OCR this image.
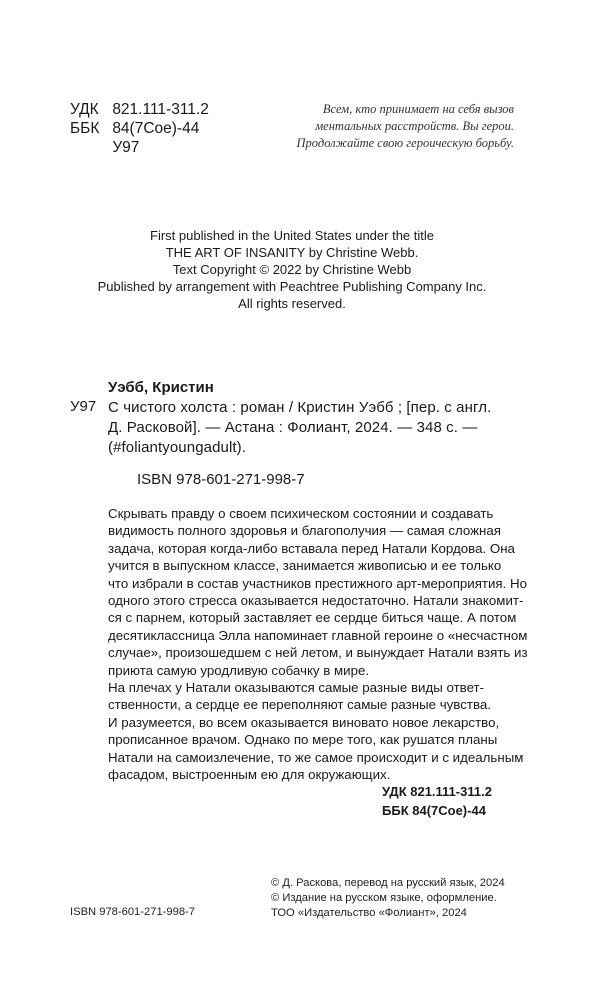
УДК 821.111-311.2
ББК 84(7Сое)-44
У97
Всем, кто принимает на себя вызов
ментальных расстройств. Вы герои.
Продолжайте свою героическую борьбу.
First published in the United States under the title
THE ART OF INSANITY by Christine Webb.
Text Copyright © 2022 by Christine Webb
Published by arrangement with Peachtree Publishing Company Inc.
All rights reserved.
Уэбб, Кристин
У97 С чистого холста : роман / Кристин Уэбб ; [пер. с англ.
Д. Расковой]. — Астана : Фолиант, 2024. — 348 с. —
(#foliantyoungadult).
ISBN 978-601-271-998-7
Скрывать правду о своем психическом состоянии и создавать
видимость полного здоровья и благополучия — самая сложная
задача, которая когда-либо вставала перед Натали Кордова. Она
учится в выпускном классе, занимается живописью и ее только
что избрали в состав участников престижного арт-мероприятия. Но
одного этого стресса оказывается недостаточно. Натали знакомит-
ся с парнем, который заставляет ее сердце биться чаще. А потом
десятиклассница Элла напоминает главной героине о «несчастном
случае», произошедшем с ней летом, и вынуждает Натали взять из
приюта самую уродливую собачку в мире.
На плечах у Натали оказываются самые разные виды ответ-
ственности, а сердце ее переполняют самые разные чувства.
И разумеется, во всем оказывается виновато новое лекарство,
прописанное врачом. Однако по мере того, как рушатся планы
Натали на самоизлечение, то же самое происходит и с идеальным
фасадом, выстроенным ею для окружающих.
УДК 821.111-311.2
ББК 84(7Сое)-44
© Д. Раскова, перевод на русский язык, 2024
© Издание на русском языке, оформление.
ТОО «Издательство «Фолиант», 2024
ISBN 978-601-271-998-7
